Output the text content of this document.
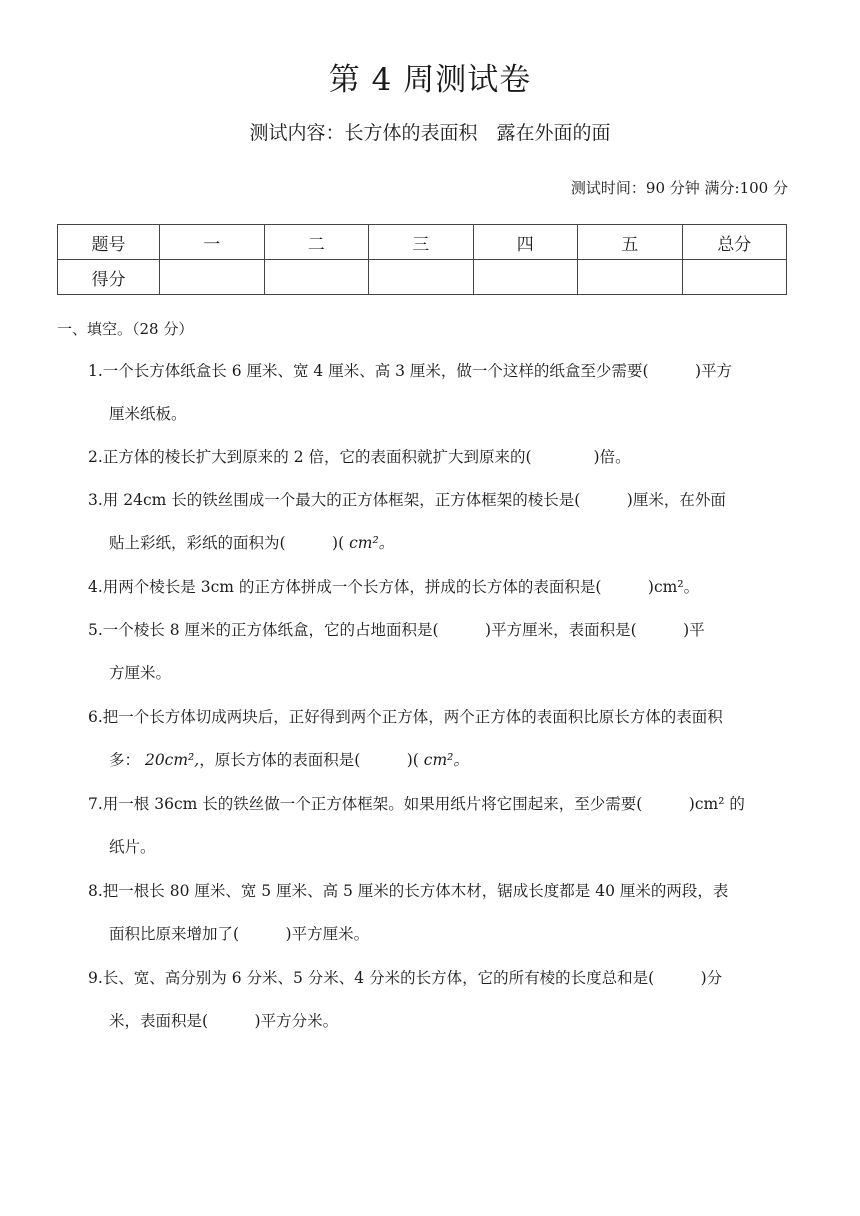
第 4 周测试卷
测试内容：长方体的表面积　露在外面的面
测试时间：90 分钟 满分:100 分
题号	一	二	三	四	五	总分
得分						
一、填空。（28 分）
1.一个长方体纸盒长 6 厘米、宽 4 厘米、高 3 厘米，做一个这样的纸盒至少需要(　　　)平方
厘米纸板。
2.正方体的棱长扩大到原来的 2 倍，它的表面积就扩大到原来的(　　　　)倍。
3.用 24cm 长的铁丝围成一个最大的正方体框架，正方体框架的棱长是(　　　)厘米，在外面
贴上彩纸，彩纸的面积为(　　　)( cm²。
4.用两个棱长是 3cm 的正方体拼成一个长方体，拼成的长方体的表面积是(　　　)cm²。
5.一个棱长 8 厘米的正方体纸盒，它的占地面积是(　　　)平方厘米，表面积是(　　　)平
方厘米。
6.把一个长方体切成两块后，正好得到两个正方体，两个正方体的表面积比原长方体的表面积
多： 20cm²,，原长方体的表面积是(　　　)( cm²。
7.用一根 36cm 长的铁丝做一个正方体框架。如果用纸片将它围起来，至少需要(　　　)cm² 的
纸片。
8.把一根长 80 厘米、宽 5 厘米、高 5 厘米的长方体木材，锯成长度都是 40 厘米的两段，表
面积比原来增加了(　　　)平方厘米。
9.长、宽、高分别为 6 分米、5 分米、4 分米的长方体，它的所有棱的长度总和是(　　　)分
米，表面积是(　　　)平方分米。
